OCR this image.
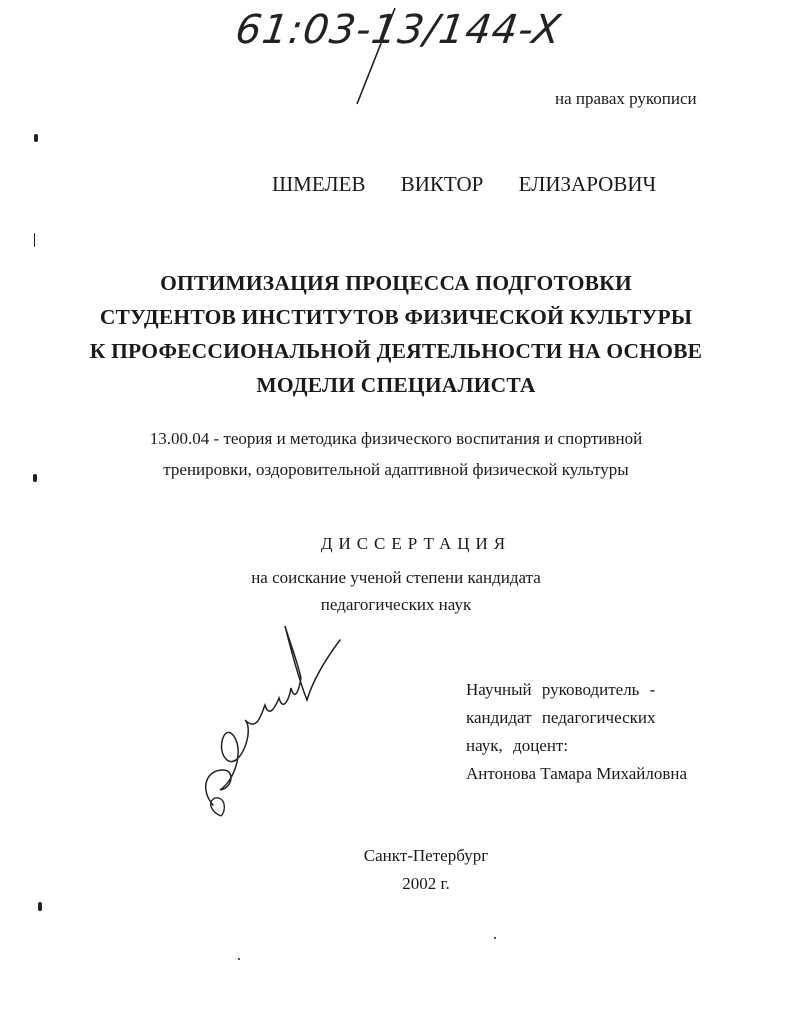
61:03-13/144-X
на правах рукописи
ШМЕЛЕВ ВИКТОР ЕЛИЗАРОВИЧ
ОПТИМИЗАЦИЯ ПРОЦЕССА ПОДГОТОВКИ
СТУДЕНТОВ ИНСТИТУТОВ ФИЗИЧЕСКОЙ КУЛЬТУРЫ
К ПРОФЕССИОНАЛЬНОЙ ДЕЯТЕЛЬНОСТИ НА ОСНОВЕ
МОДЕЛИ СПЕЦИАЛИСТА
13.00.04 - теория и методика физического воспитания и спортивной
тренировки, оздоровительной адаптивной физической культуры
ДИССЕРТАЦИЯ
на соискание ученой степени кандидата
педагогических наук
Научный руководитель -
кандидат педагогических
наук, доцент:
Антонова Тамара Михайловна
Санкт-Петербург
2002 г.
